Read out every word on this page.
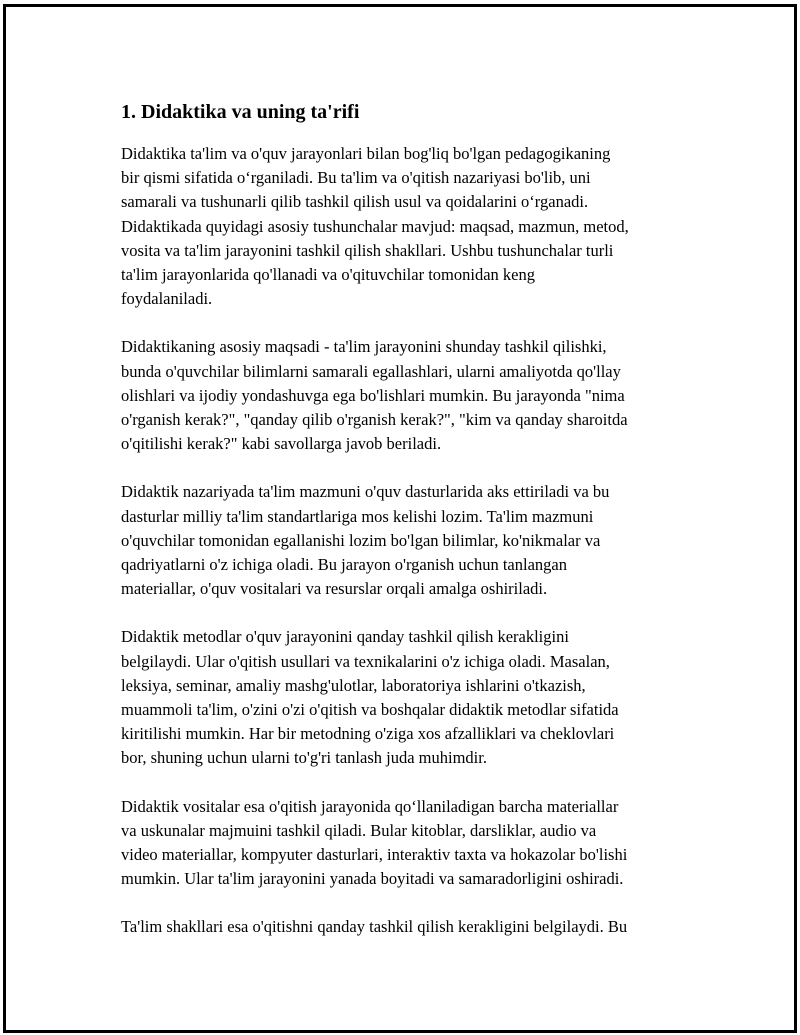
1. Didaktika va uning ta'rifi

Didaktika ta'lim va o'quv jarayonlari bilan bog'liq bo'lgan pedagogikaning
bir qismi sifatida o‘rganiladi. Bu ta'lim va o'qitish nazariyasi bo'lib, uni
samarali va tushunarli qilib tashkil qilish usul va qoidalarini o‘rganadi.
Didaktikada quyidagi asosiy tushunchalar mavjud: maqsad, mazmun, metod,
vosita va ta'lim jarayonini tashkil qilish shakllari. Ushbu tushunchalar turli
ta'lim jarayonlarida qo'llanadi va o'qituvchilar tomonidan keng
foydalaniladi.

Didaktikaning asosiy maqsadi - ta'lim jarayonini shunday tashkil qilishki,
bunda o'quvchilar bilimlarni samarali egallashlari, ularni amaliyotda qo'llay
olishlari va ijodiy yondashuvga ega bo'lishlari mumkin. Bu jarayonda "nima
o'rganish kerak?", "qanday qilib o'rganish kerak?", "kim va qanday sharoitda
o'qitilishi kerak?" kabi savollarga javob beriladi.

Didaktik nazariyada ta'lim mazmuni o'quv dasturlarida aks ettiriladi va bu
dasturlar milliy ta'lim standartlariga mos kelishi lozim. Ta'lim mazmuni
o'quvchilar tomonidan egallanishi lozim bo'lgan bilimlar, ko'nikmalar va
qadriyatlarni o'z ichiga oladi. Bu jarayon o'rganish uchun tanlangan
materiallar, o'quv vositalari va resurslar orqali amalga oshiriladi.

Didaktik metodlar o'quv jarayonini qanday tashkil qilish kerakligini
belgilaydi. Ular o'qitish usullari va texnikalarini o'z ichiga oladi. Masalan,
leksiya, seminar, amaliy mashg'ulotlar, laboratoriya ishlarini o'tkazish,
muammoli ta'lim, o'zini o'zi o'qitish va boshqalar didaktik metodlar sifatida
kiritilishi mumkin. Har bir metodning o'ziga xos afzalliklari va cheklovlari
bor, shuning uchun ularni to'g'ri tanlash juda muhimdir.

Didaktik vositalar esa o'qitish jarayonida qo‘llaniladigan barcha materiallar
va uskunalar majmuini tashkil qiladi. Bular kitoblar, darsliklar, audio va
video materiallar, kompyuter dasturlari, interaktiv taxta va hokazolar bo'lishi
mumkin. Ular ta'lim jarayonini yanada boyitadi va samaradorligini oshiradi.

Ta'lim shakllari esa o'qitishni qanday tashkil qilish kerakligini belgilaydi. Bu
